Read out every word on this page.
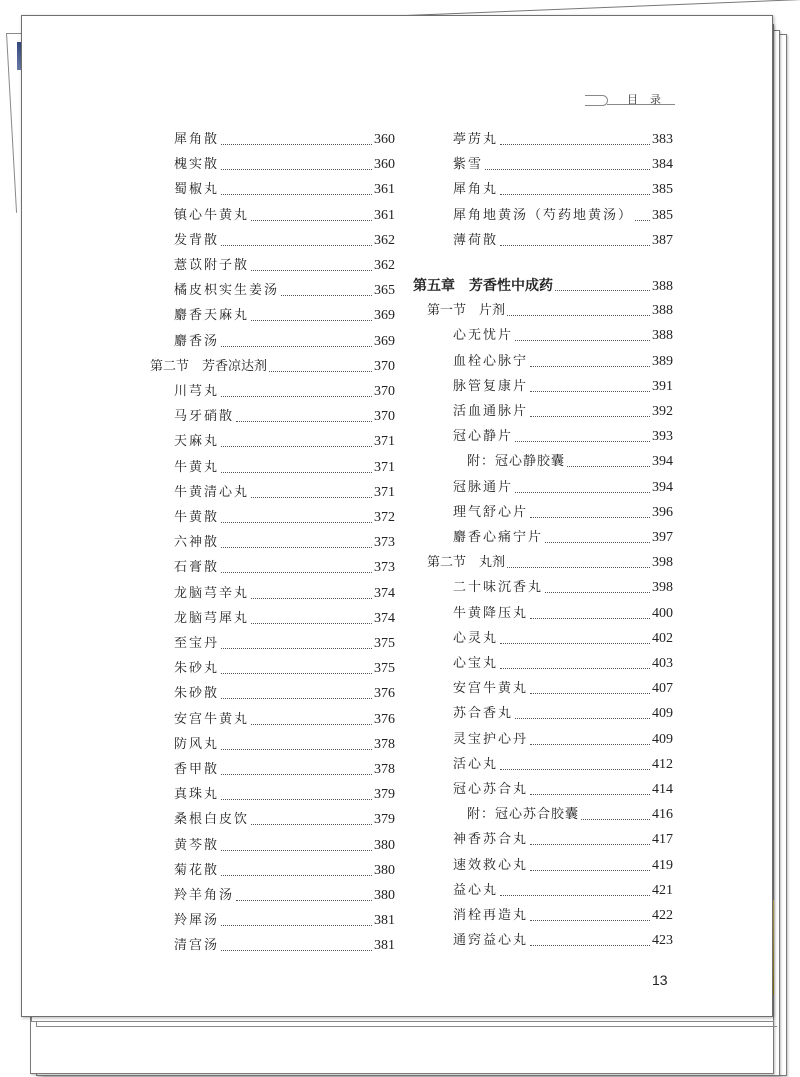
目录
犀角散	360
槐实散	360
蜀椒丸	361
镇心牛黄丸	361
发背散	362
薏苡附子散	362
橘皮枳实生姜汤	365
麝香天麻丸	369
麝香汤	369
第二节　芳香凉达剂	370
川芎丸	370
马牙硝散	370
天麻丸	371
牛黄丸	371
牛黄清心丸	371
牛黄散	372
六神散	373
石膏散	373
龙脑芎辛丸	374
龙脑芎犀丸	374
至宝丹	375
朱砂丸	375
朱砂散	376
安宫牛黄丸	376
防风丸	378
香甲散	378
真珠丸	379
桑根白皮饮	379
黄芩散	380
菊花散	380
羚羊角汤	380
羚犀汤	381
清宫汤	381
葶苈丸	383
紫雪	384
犀角丸	385
犀角地黄汤（芍药地黄汤） 385
薄荷散	387
第五章　芳香性中成药	388
第一节　片剂	388
心无忧片	388
血栓心脉宁	389
脉管复康片	391
活血通脉片	392
冠心静片	393
附：冠心静胶囊	394
冠脉通片	394
理气舒心片	396
麝香心痛宁片	397
第二节　丸剂	398
二十味沉香丸	398
牛黄降压丸	400
心灵丸	402
心宝丸	403
安宫牛黄丸	407
苏合香丸	409
灵宝护心丹	409
活心丸	412
冠心苏合丸	414
附：冠心苏合胶囊	416
神香苏合丸	417
速效救心丸	419
益心丸	421
消栓再造丸	422
通窍益心丸	423
13
